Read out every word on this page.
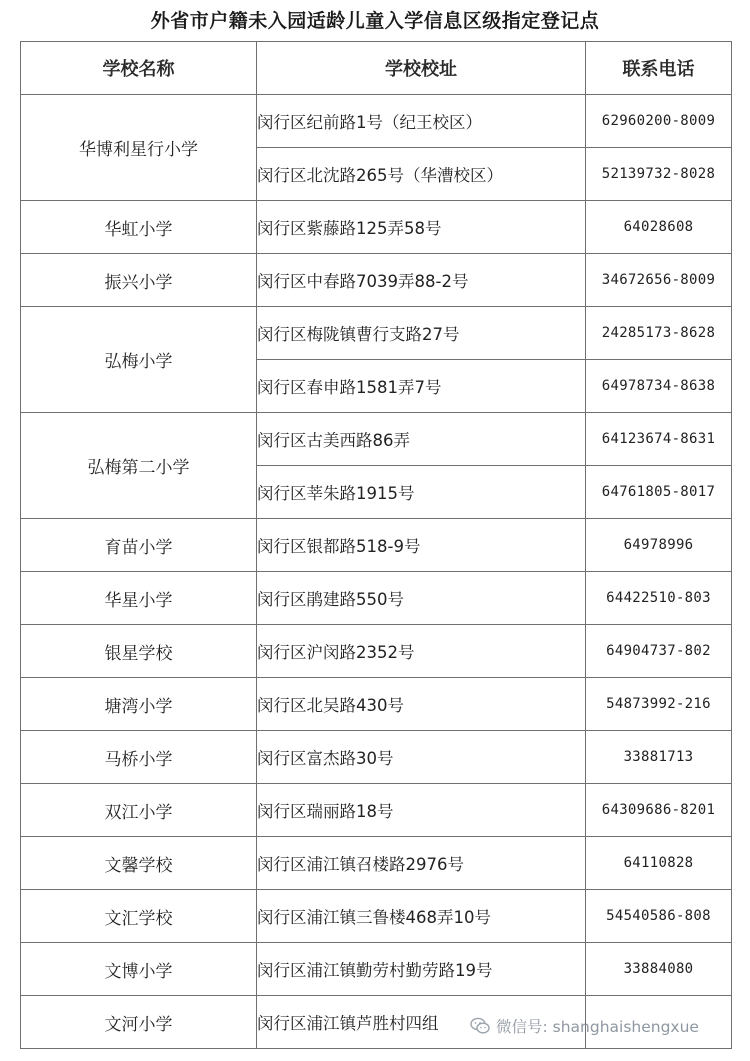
外省市户籍未入园适龄儿童入学信息区级指定登记点
学校名称	学校校址	联系电话
华博利星行小学	闵行区纪前路1号（纪王校区）	62960200-8009
	闵行区北沈路265号（华漕校区）	52139732-8028
华虹小学	闵行区紫藤路125弄58号	64028608
振兴小学	闵行区中春路7039弄88-2号	34672656-8009
弘梅小学	闵行区梅陇镇曹行支路27号	24285173-8628
	闵行区春申路1581弄7号	64978734-8638
弘梅第二小学	闵行区古美西路86弄	64123674-8631
	闵行区莘朱路1915号	64761805-8017
育苗小学	闵行区银都路518-9号	64978996
华星小学	闵行区鹃建路550号	64422510-803
银星学校	闵行区沪闵路2352号	64904737-802
塘湾小学	闵行区北吴路430号	54873992-216
马桥小学	闵行区富杰路30号	33881713
双江小学	闵行区瑞丽路18号	64309686-8201
文馨学校	闵行区浦江镇召楼路2976号	64110828
文汇学校	闵行区浦江镇三鲁楼468弄10号	54540586-808
文博小学	闵行区浦江镇勤劳村勤劳路19号	33884080
文河小学	闵行区浦江镇芦胜村四组		微信号: shanghaishengxue
